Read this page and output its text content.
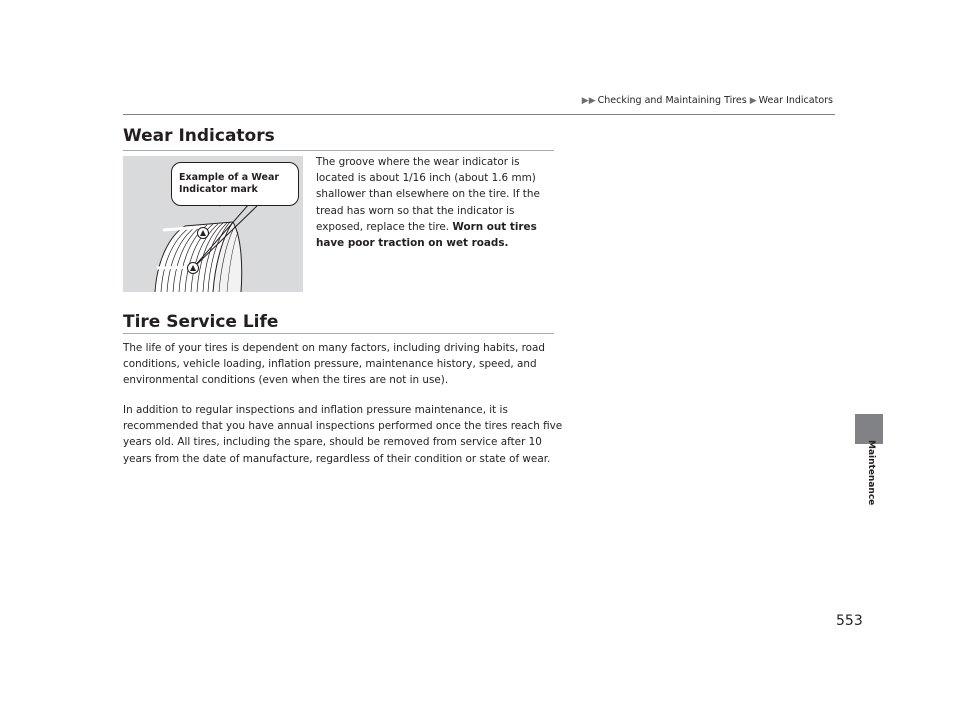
▶▶ Checking and Maintaining Tires ▶ Wear Indicators
Maintenance
Wear Indicators

Example of a Wear Indicator mark

The groove where the wear indicator is located is about 1/16 inch (about 1.6 mm) shallower than elsewhere on the tire. If the tread has worn so that the indicator is exposed, replace the tire. Worn out tires have poor traction on wet roads.

Tire Service Life

The life of your tires is dependent on many factors, including driving habits, road conditions, vehicle loading, inflation pressure, maintenance history, speed, and environmental conditions (even when the tires are not in use).

In addition to regular inspections and inflation pressure maintenance, it is recommended that you have annual inspections performed once the tires reach five years old. All tires, including the spare, should be removed from service after 10 years from the date of manufacture, regardless of their condition or state of wear.

553
